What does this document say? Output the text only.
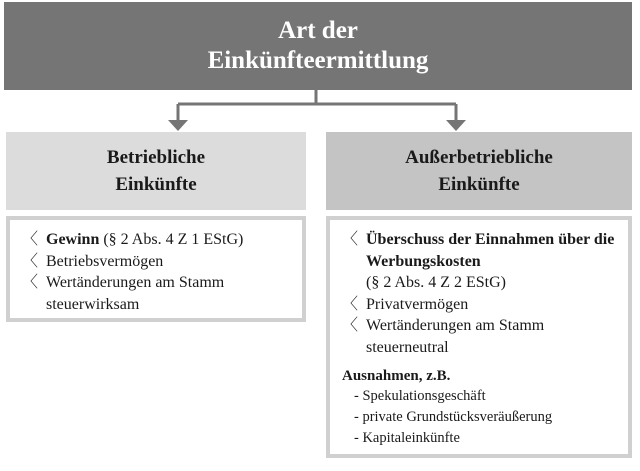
Art der
Einkünfteermittlung
Betriebliche
Einkünfte
Außerbetriebliche
Einkünfte
〈 Gewinn (§ 2 Abs. 4 Z 1 EStG)
〈 Betriebsvermögen
〈 Wertänderungen am Stamm steuerwirksam
〈 Überschuss der Einnahmen über die Werbungskosten
(§ 2 Abs. 4 Z 2 EStG)
〈 Privatvermögen
〈 Wertänderungen am Stamm steuerneutral
Ausnahmen, z.B.
- Spekulationsgeschäft
- private Grundstücksveräußerung
- Kapitaleinkünfte
